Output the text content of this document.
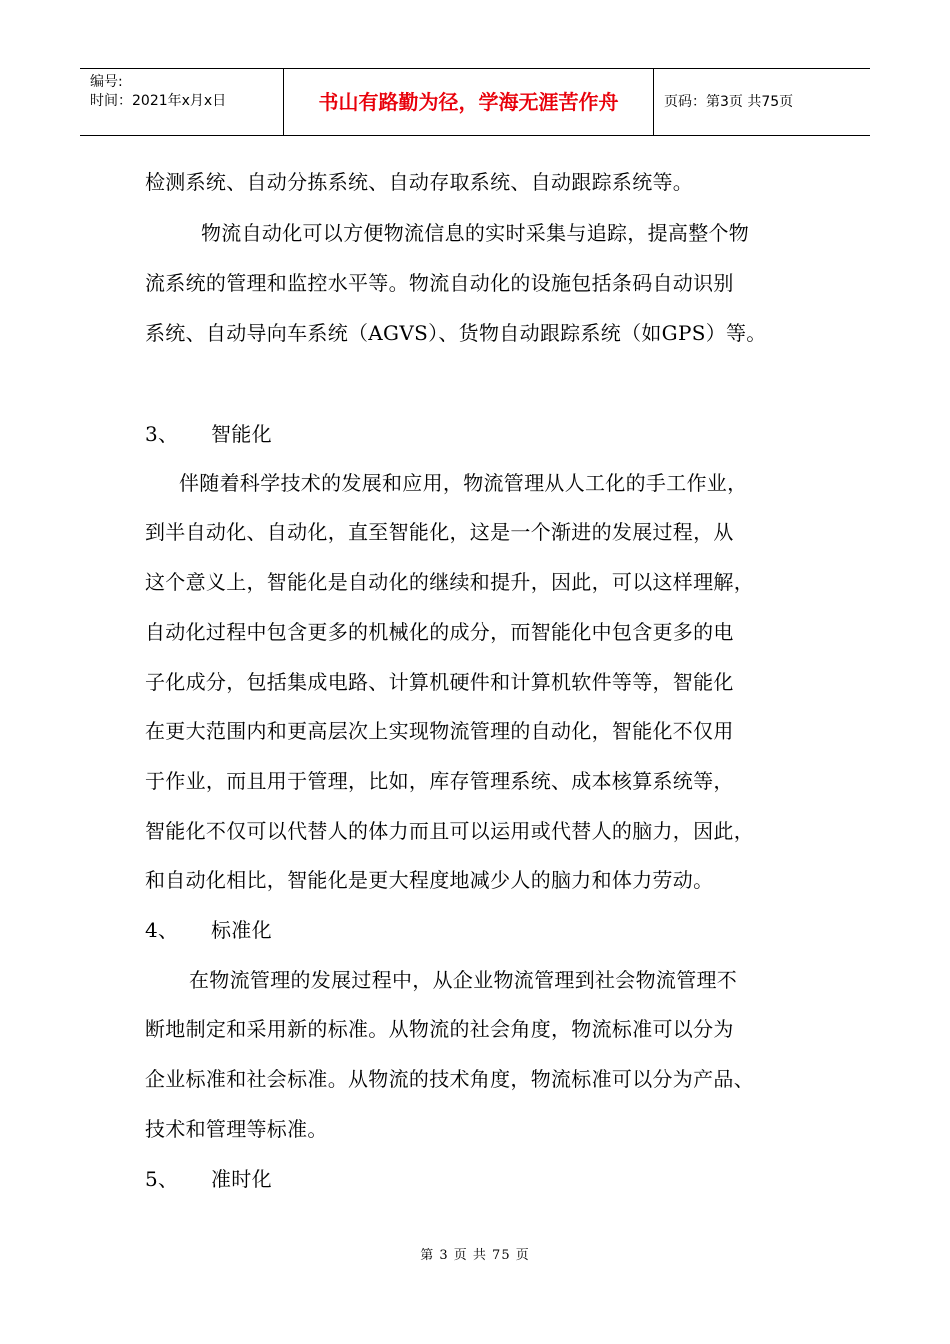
编号:
时间：2021年x月x日	书山有路勤为径，学海无涯苦作舟	页码：第3页 共75页
检测系统、自动分拣系统、自动存取系统、自动跟踪系统等。
物流自动化可以方便物流信息的实时采集与追踪，提高整个物
流系统的管理和监控水平等。物流自动化的设施包括条码自动识别
系统、自动导向车系统（AGVS）、货物自动跟踪系统（如GPS）等。
3、 智能化
伴随着科学技术的发展和应用，物流管理从人工化的手工作业，
到半自动化、自动化，直至智能化，这是一个渐进的发展过程，从
这个意义上，智能化是自动化的继续和提升，因此，可以这样理解，
自动化过程中包含更多的机械化的成分，而智能化中包含更多的电
子化成分，包括集成电路、计算机硬件和计算机软件等等，智能化
在更大范围内和更高层次上实现物流管理的自动化，智能化不仅用
于作业，而且用于管理，比如，库存管理系统、成本核算系统等，
智能化不仅可以代替人的体力而且可以运用或代替人的脑力，因此，
和自动化相比，智能化是更大程度地减少人的脑力和体力劳动。
4、 标准化
在物流管理的发展过程中，从企业物流管理到社会物流管理不
断地制定和采用新的标准。从物流的社会角度，物流标准可以分为
企业标准和社会标准。从物流的技术角度，物流标准可以分为产品、
技术和管理等标准。
5、 准时化
第 3 页 共 75 页
